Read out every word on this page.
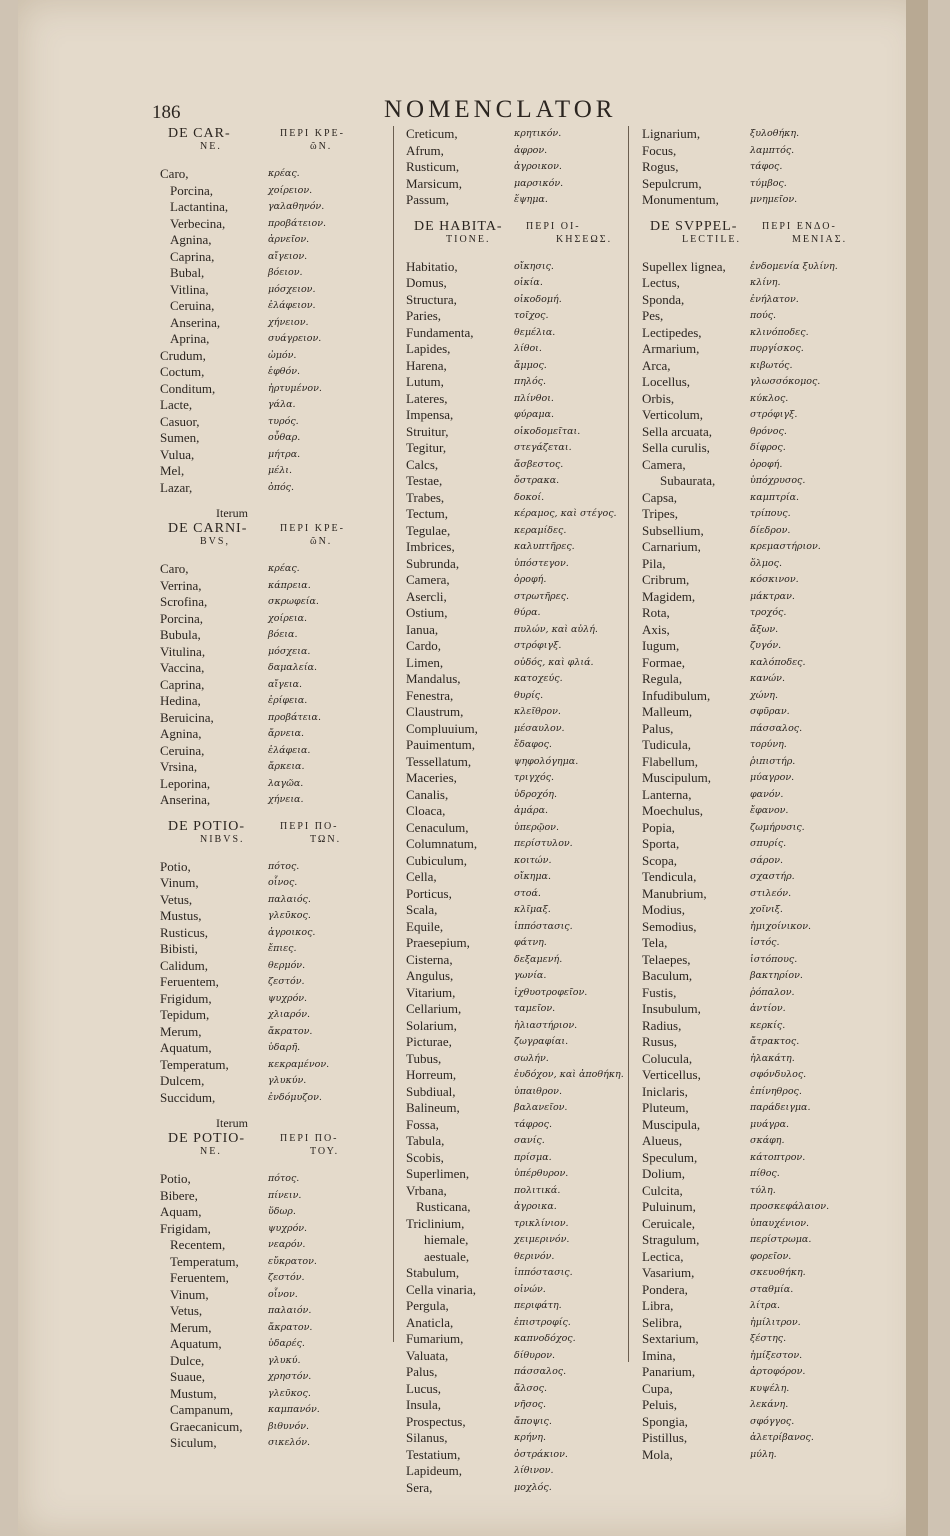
186	NOMENCLATOR
DE CAR-
NE.
ΠΕΡΙ ΚΡΕ-
ῶΝ.
Caro,	κρέας.
Porcina,	χοίρειον.
Lactantina,	γαλαθηνόν.
Verbecina,	προβάτειον.
Agnina,	ἀρνεῖον.
Caprina,	αἴγειον.
Bubal,	βόειον.
Vitlina,	μόσχειον.
Ceruina,	ἐλάφειον.
Anserina,	χήνειον.
Aprina,	συάγρειον.
Crudum,	ὠμόν.
Coctum,	ἑφθόν.
Conditum,	ἠρτυμένον.
Lacte,	γάλα.
Casuor,	τυρός.
Sumen,	οὖθαρ.
Vulua,	μήτρα.
Mel,	μέλι.
Lazar,	ὀπός.
Iterum
DE CARNI-
BVS,
ΠΕΡΙ ΚΡΕ-
ῶΝ.
Caro,	κρέας.
Verrina,	κάπρεια.
Scrofina,	σκρωφεία.
Porcina,	χοίρεια.
Bubula,	βόεια.
Vitulina,	μόσχεια.
Vaccina,	δαμαλεία.
Caprina,	αἴγεια.
Hedina,	ἐρίφεια.
Beruicina,	προβάτεια.
Agnina,	ἄρνεια.
Ceruina,	ἐλάφεια.
Vrsina,	ἄρκεια.
Leporina,	λαγῶα.
Anserina,	χήνεια.
DE POTIO-
NIBVS.
ΠΕΡΙ ΠΟ-
ΤΩΝ.
Potio,	πότος.
Vinum,	οἶνος.
Vetus,	παλαιός.
Mustus,	γλεῦκος.
Rusticus,	ἀγροικος.
Bibisti,	ἔπιες.
Calidum,	θερμόν.
Feruentem,	ζεστόν.
Frigidum,	ψυχρόν.
Tepidum,	χλιαρόν.
Merum,	ἄκρατον.
Aquatum,	ὑδαρῆ.
Temperatum,	κεκραμένον.
Dulcem,	γλυκύν.
Succidum,	ἐνδόμυζον.
Iterum
DE POTIO-
NE.
ΠΕΡΙ ΠΟ-
ΤΟΥ.
Potio,	πότος.
Bibere,	πίνειν.
Aquam,	ὕδωρ.
Frigidam,	ψυχρόν.
Recentem,	νεαρόν.
Temperatum,	εὔκρατον.
Feruentem,	ζεστόν.
Vinum,	οἶνον.
Vetus,	παλαιόν.
Merum,	ἄκρατον.
Aquatum,	ὑδαρές.
Dulce,	γλυκύ.
Suaue,	χρηστόν.
Mustum,	γλεῦκος.
Campanum,	καμπανόν.
Graecanicum,	βιθυνόν.
Siculum,	σικελόν.
Creticum,	κρητικόν.
Afrum,	ἀφρον.
Rusticum,	ἀγροικον.
Marsicum,	μαρσικόν.
Passum,	ἕψημα.
DE HABITA-
TIONE.
ΠΕΡΙ ΟΙ-
ΚΗΣΕΩΣ.
Habitatio,	οἴκησις.
Domus,	οἰκία.
Structura,	οἰκοδομή.
Paries,	τοῖχος.
Fundamenta,	θεμέλια.
Lapides,	λίθοι.
Harena,	ἄμμος.
Lutum,	πηλός.
Lateres,	πλίνθοι.
Impensa,	φύραμα.
Struitur,	οἰκοδομεῖται.
Tegitur,	στεγάζεται.
Calcs,	ἄσβεστος.
Testae,	ὄστρακα.
Trabes,	δοκοί.
Tectum,	κέραμος, καὶ στέγος.
Tegulae,	κεραμίδες.
Imbrices,	καλυπτῆρες.
Subrunda,	ὑπόστεγον.
Camera,	ὀροφή.
Asercli,	στρωτῆρες.
Ostium,	θύρα.
Ianua,	πυλών, καὶ αὐλή.
Cardo,	στρόφιγξ.
Limen,	οὐδός, καὶ φλιά.
Mandalus,	κατοχεύς.
Fenestra,	θυρίς.
Claustrum,	κλεῖθρον.
Compluuium,	μέσαυλον.
Pauimentum,	ἔδαφος.
Tessellatum,	ψηφολόγημα.
Maceries,	τριγχός.
Canalis,	ὑδροχόη.
Cloaca,	ἀμάρα.
Cenaculum,	ὑπερῷον.
Columnatum,	περίστυλον.
Cubiculum,	κοιτών.
Cella,	οἴκημα.
Porticus,	στοά.
Scala,	κλῖμαξ.
Equile,	ἱππόστασις.
Praesepium,	φάτνη.
Cisterna,	δεξαμενή.
Angulus,	γωνία.
Vitarium,	ἰχθυοτροφεῖον.
Cellarium,	ταμεῖον.
Solarium,	ἡλιαστήριον.
Picturae,	ζωγραφίαι.
Tubus,	σωλήν.
Horreum,	ἐυδόχον, καὶ ἀποθήκη.
Subdiual,	ὑπαιθρον.
Balineum,	βαλανεῖον.
Fossa,	τάφρος.
Tabula,	σανίς.
Scobis,	πρίσμα.
Superlimen,	ὑπέρθυρον.
Vrbana,	πολιτικά.
Rusticana,	ἀγροικα.
Triclinium,	τρικλίνιον.
hiemale,	χειμερινόν.
aestuale,	θερινόν.
Stabulum,	ἱππόστασις.
Cella vinaria,	οἰνών.
Pergula,	περιφάτη.
Anaticla,	ἐπιστροφίς.
Fumarium,	καπνοδόχος.
Valuata,	δίθυρον.
Palus,	πάσσαλος.
Lucus,	ἄλσος.
Insula,	νῆσος.
Prospectus,	ἄποψις.
Silanus,	κρήνη.
Testatium,	ὀστράκιον.
Lapideum,	λίθινον.
Sera,	μοχλός.
Lignarium,	ξυλοθήκη.
Focus,	λαμπτός.
Rogus,	τάφος.
Sepulcrum,	τύμβος.
Monumentum,	μνημεῖον.
DE SVPPEL-
LECTILE.
ΠΕΡΙ ΕΝΔΟ-
ΜΕΝΙΑΣ.
Supellex lignea,	ἐνδομενία ξυλίνη.
Lectus,	κλίνη.
Sponda,	ἐνήλατον.
Pes,	πούς.
Lectipedes,	κλινόποδες.
Armarium,	πυργίσκος.
Arca,	κιβωτός.
Locellus,	γλωσσόκομος.
Orbis,	κύκλος.
Verticolum,	στρόφιγξ.
Sella arcuata,	θρόνος.
Sella curulis,	δίφρος.
Camera,	ὀροφή.
Subaurata,	ὑπόχρυσος.
Capsa,	καμπτρία.
Tripes,	τρίπους.
Subsellium,	δίεδρον.
Carnarium,	κρεμαστήριον.
Pila,	ὅλμος.
Cribrum,	κόσκινον.
Magidem,	μάκτραν.
Rota,	τροχός.
Axis,	ἄξων.
Iugum,	ζυγόν.
Formae,	καλόποδες.
Regula,	κανών.
Infudibulum,	χώνη.
Malleum,	σφῦραν.
Palus,	πάσσαλος.
Tudicula,	τορύνη.
Flabellum,	ῥιπιστήρ.
Muscipulum,	μύαγρον.
Lanterna,	φανόν.
Moechulus,	ἔφανον.
Popia,	ζωμήρυσις.
Sporta,	σπυρίς.
Scopa,	σάρον.
Tendicula,	σχαστήρ.
Manubrium,	στιλεόν.
Modius,	χοῖνιξ.
Semodius,	ἡμιχοίνικον.
Tela,	ἱστός.
Telaepes,	ἱστόπους.
Baculum,	βακτηρίον.
Fustis,	ῥόπαλον.
Insubulum,	ἀντίον.
Radius,	κερκίς.
Rusus,	ἄτρακτος.
Colucula,	ἠλακάτη.
Verticellus,	σφόνδυλος.
Iniclaris,	ἐπίνηθρος.
Pluteum,	παράδειγμα.
Muscipula,	μυάγρα.
Alueus,	σκάφη.
Speculum,	κάτοπτρον.
Dolium,	πίθος.
Culcita,	τύλη.
Puluinum,	προσκεφάλαιον.
Ceruicale,	ὑπαυχένιον.
Stragulum,	περίστρωμα.
Lectica,	φορεῖον.
Vasarium,	σκευοθήκη.
Pondera,	σταθμία.
Libra,	λίτρα.
Selibra,	ἡμίλιτρον.
Sextarium,	ξέστης.
Imina,	ἡμίξεστον.
Panarium,	ἀρτοφόρον.
Cupa,	κυψέλη.
Peluis,	λεκάνη.
Spongia,	σφόγγος.
Pistillus,	ἀλετρίβανος.
Mola,	μύλη.
